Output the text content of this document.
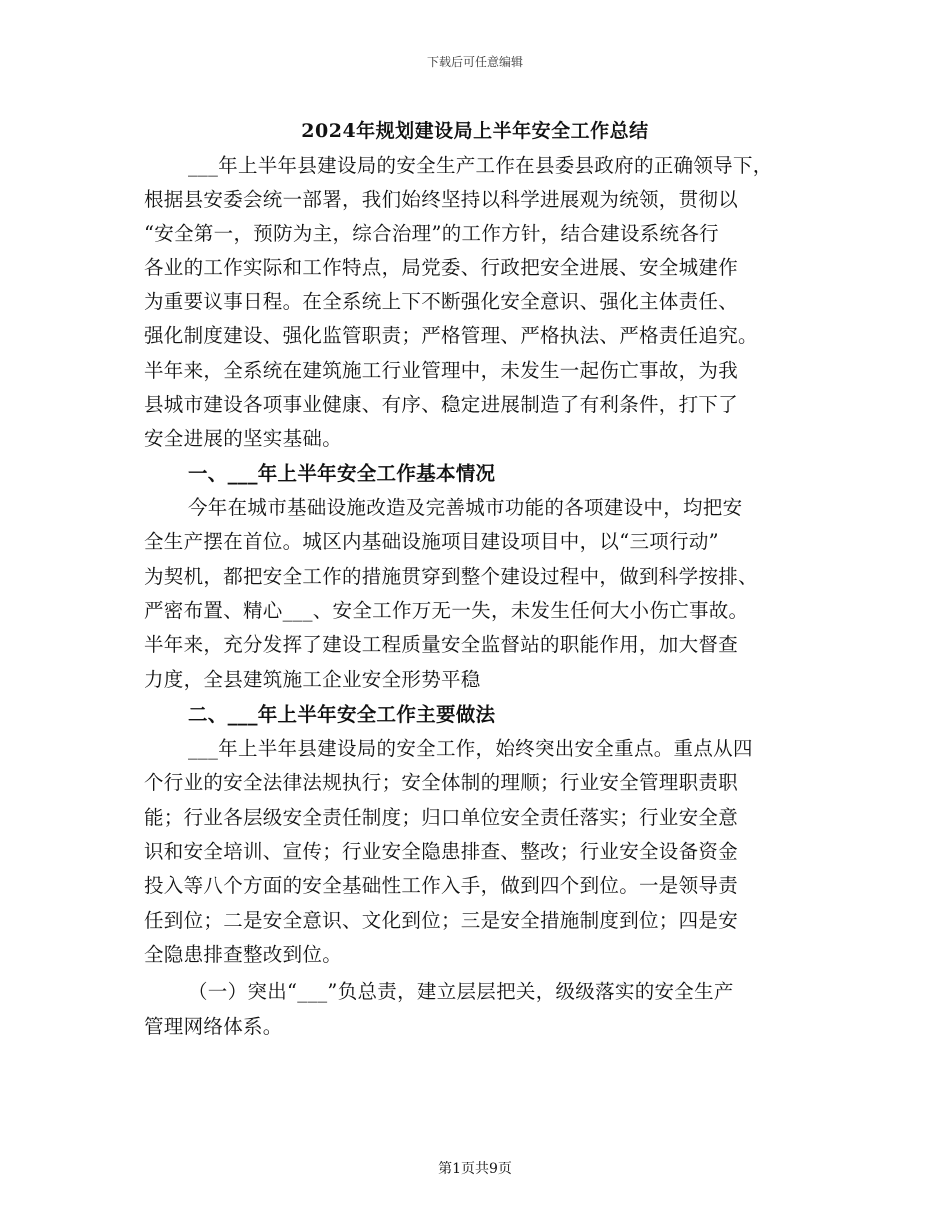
下载后可任意编辑
2024年规划建设局上半年安全工作总结
___年上半年县建设局的安全生产工作在县委县政府的正确领导下，
根据县安委会统一部署，我们始终坚持以科学进展观为统领，贯彻以
“安全第一，预防为主，综合治理”的工作方针，结合建设系统各行
各业的工作实际和工作特点，局党委、行政把安全进展、安全城建作
为重要议事日程。在全系统上下不断强化安全意识、强化主体责任、
强化制度建设、强化监管职责；严格管理、严格执法、严格责任追究。
半年来，全系统在建筑施工行业管理中，未发生一起伤亡事故，为我
县城市建设各项事业健康、有序、稳定进展制造了有利条件，打下了
安全进展的坚实基础。
一、___年上半年安全工作基本情况
今年在城市基础设施改造及完善城市功能的各项建设中，均把安
全生产摆在首位。城区内基础设施项目建设项目中，以“三项行动”
为契机，都把安全工作的措施贯穿到整个建设过程中，做到科学按排、
严密布置、精心___、安全工作万无一失，未发生任何大小伤亡事故。
半年来，充分发挥了建设工程质量安全监督站的职能作用，加大督查
力度，全县建筑施工企业安全形势平稳
二、___年上半年安全工作主要做法
___年上半年县建设局的安全工作，始终突出安全重点。重点从四
个行业的安全法律法规执行；安全体制的理顺；行业安全管理职责职
能；行业各层级安全责任制度；归口单位安全责任落实；行业安全意
识和安全培训、宣传；行业安全隐患排查、整改；行业安全设备资金
投入等八个方面的安全基础性工作入手，做到四个到位。一是领导责
任到位；二是安全意识、文化到位；三是安全措施制度到位；四是安
全隐患排查整改到位。
（一）突出“___”负总责，建立层层把关，级级落实的安全生产
管理网络体系。
第1页共9页
